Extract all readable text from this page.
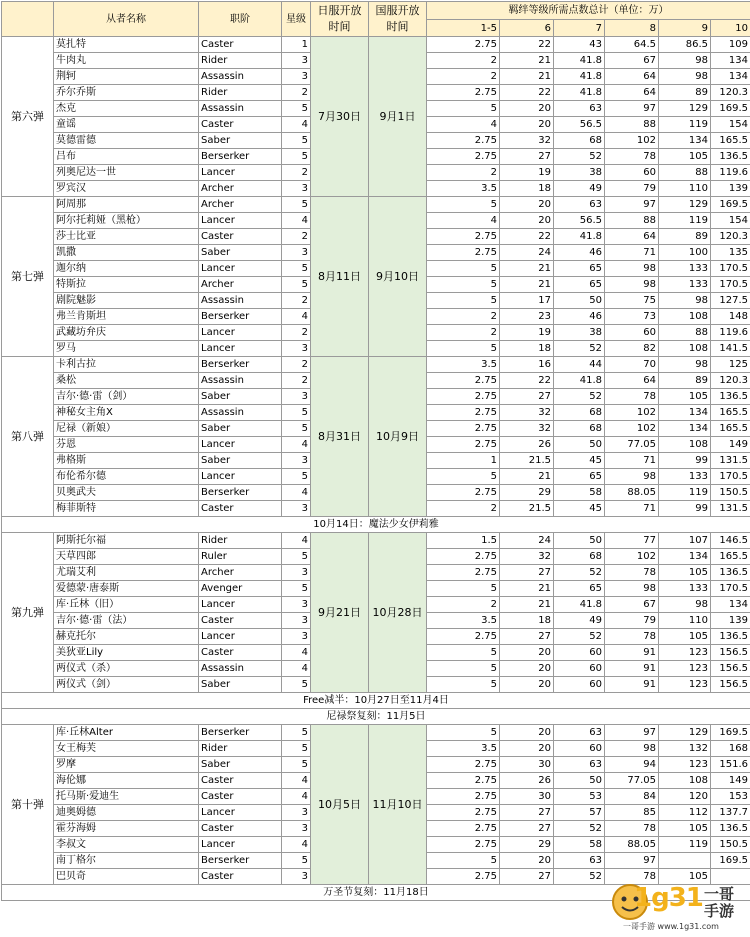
	从者名称	职阶	星级	日服开放时间	国服开放时间	羁绊等级所需点数总计（单位：万）					
						1-5	6	7	8	9	10
第六弹	莫扎特	Caster	1	7月30日	9月1日	2.75	22	43	64.5	86.5	109
	牛肉丸	Rider	3			2	21	41.8	67	98	134
	荆轲	Assassin	3			2	21	41.8	64	98	134
	乔尔乔斯	Rider	2			2.75	22	41.8	64	89	120.3
	杰克	Assassin	5			5	20	63	97	129	169.5
	童谣	Caster	4			4	20	56.5	88	119	154
	莫德雷德	Saber	5			2.75	32	68	102	134	165.5
	吕布	Berserker	5			2.75	27	52	78	105	136.5
	列奥尼达一世	Lancer	2			2	19	38	60	88	119.6
	罗宾汉	Archer	3			3.5	18	49	79	110	139
第七弹	阿周那	Archer	5	8月11日	9月10日	5	20	63	97	129	169.5
	阿尔托莉娅（黑枪）	Lancer	4			4	20	56.5	88	119	154
	莎士比亚	Caster	2			2.75	22	41.8	64	89	120.3
	凯撒	Saber	3			2.75	24	46	71	100	135
	迦尔纳	Lancer	5			5	21	65	98	133	170.5
	特斯拉	Archer	5			5	21	65	98	133	170.5
	剧院魅影	Assassin	2			5	17	50	75	98	127.5
	弗兰肯斯坦	Berserker	4			2	23	46	73	108	148
	武藏坊弁庆	Lancer	2			2	19	38	60	88	119.6
	罗马	Lancer	3			5	18	52	82	108	141.5
第八弹	卡利古拉	Berserker	2	8月31日	10月9日	3.5	16	44	70	98	125
	桑松	Assassin	2			2.75	22	41.8	64	89	120.3
	吉尔·德·雷（剑）	Saber	3			2.75	27	52	78	105	136.5
	神秘女主角X	Assassin	5			2.75	32	68	102	134	165.5
	尼禄（新娘）	Saber	5			2.75	32	68	102	134	165.5
	芬恩	Lancer	4			2.75	26	50	77.05	108	149
	弗格斯	Saber	3			1	21.5	45	71	99	131.5
	布伦希尔德	Lancer	5			5	21	65	98	133	170.5
	贝奥武夫	Berserker	4			2.75	29	58	88.05	119	150.5
	梅菲斯特	Caster	3			2	21.5	45	71	99	131.5
10月14日：魔法少女伊莉雅											
第九弹	阿斯托尔福	Rider	4	9月21日	10月28日	1.5	24	50	77	107	146.5
	天草四郎	Ruler	5			2.75	32	68	102	134	165.5
	尤瑞艾利	Archer	3			2.75	27	52	78	105	136.5
	爱德蒙·唐泰斯	Avenger	5			5	21	65	98	133	170.5
	库·丘林（旧）	Lancer	3			2	21	41.8	67	98	134
	吉尔·德·雷（法）	Caster	3			3.5	18	49	79	110	139
	赫克托尔	Lancer	3			2.75	27	52	78	105	136.5
	美狄亚Lily	Caster	4			5	20	60	91	123	156.5
	两仪式（杀）	Assassin	4			5	20	60	91	123	156.5
	两仪式（剑）	Saber	5			5	20	60	91	123	156.5
Free减半：10月27日至11月4日											
尼禄祭复刻：11月5日											
第十弹	库·丘林Alter	Berserker	5	10月5日	11月10日	5	20	63	97	129	169.5
	女王梅芙	Rider	5			3.5	20	60	98	132	168
	罗摩	Saber	5			2.75	30	63	94	123	151.6
	海伦娜	Caster	4			2.75	26	50	77.05	108	149
	托马斯·爱迪生	Caster	4			2.75	30	53	84	120	153
	迪奥姆德	Lancer	3			2.75	27	57	85	112	137.7
	霍芬海姆	Caster	3			2.75	27	52	78	105	136.5
	李叔文	Lancer	4			2.75	29	58	88.05	119	150.5
	南丁格尔	Berserker	5			5	20	63	97		169.5
	巴贝奇	Caster	3			2.75	27	52	78	105	
万圣节复刻：11月18日												1g31 一哥手游
一哥手游 www.1g31.com
